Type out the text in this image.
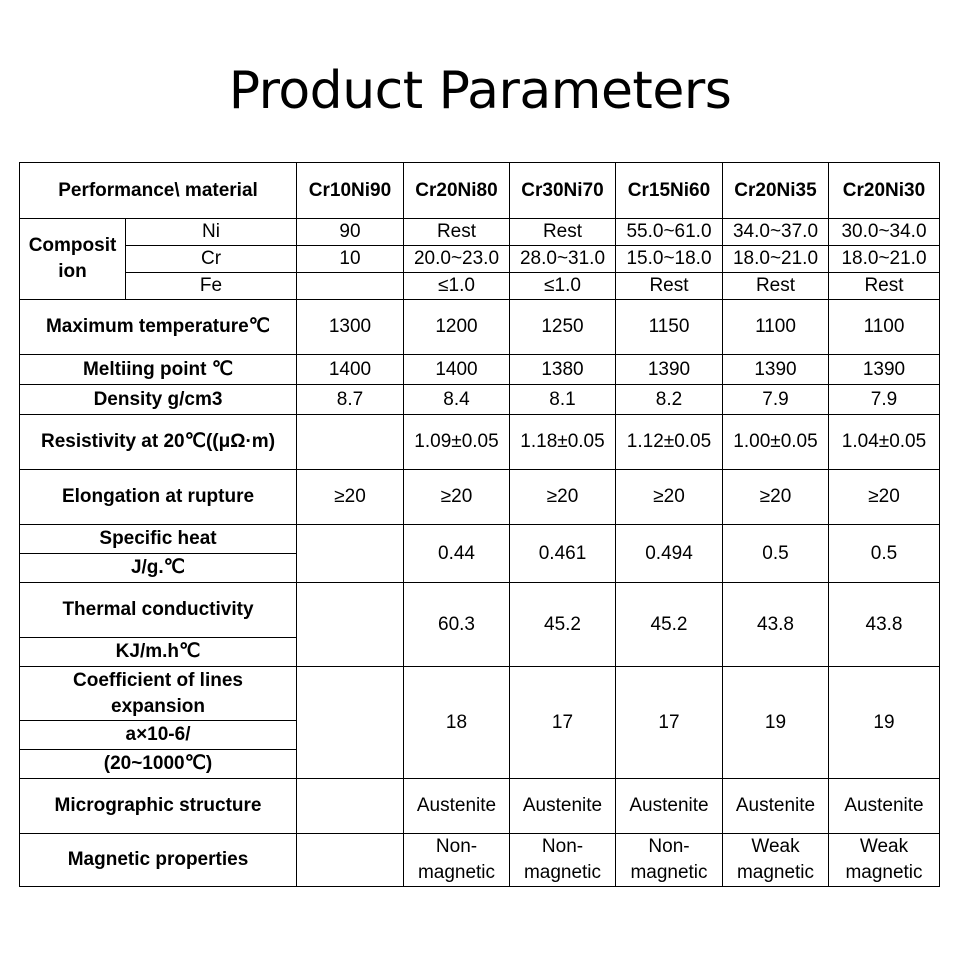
Product Parameters
Performance\ material		Cr10Ni90	Cr20Ni80	Cr30Ni70	Cr15Ni60	Cr20Ni35	Cr20Ni30
Composit ion	Ni	90	Rest	Rest	55.0~61.0	34.0~37.0	30.0~34.0
	Cr	10	20.0~23.0	28.0~31.0	15.0~18.0	18.0~21.0	18.0~21.0
	Fe		≤1.0	≤1.0	Rest	Rest	Rest
Maximum temperature℃		1300	1200	1250	1150	1100	1100
Meltiing point ℃		1400	1400	1380	1390	1390	1390
Density g/cm3		8.7	8.4	8.1	8.2	7.9	7.9
Resistivity at 20℃((μΩ·m)			1.09±0.05	1.18±0.05	1.12±0.05	1.00±0.05	1.04±0.05
Elongation at rupture		≥20	≥20	≥20	≥20	≥20	≥20
Specific heat			0.44	0.461	0.494	0.5	0.5
J/g.℃							
Thermal conductivity			60.3	45.2	45.2	43.8	43.8
KJ/m.h℃							
Coefficient of lines
expansion			18	17	17	19	19
a×10-6/							
(20~1000℃)							
Micrographic structure			Austenite	Austenite	Austenite	Austenite	Austenite
Magnetic properties			Non-
magnetic	Non-
magnetic	Non-
magnetic	Weak
magnetic	Weak
magnetic
